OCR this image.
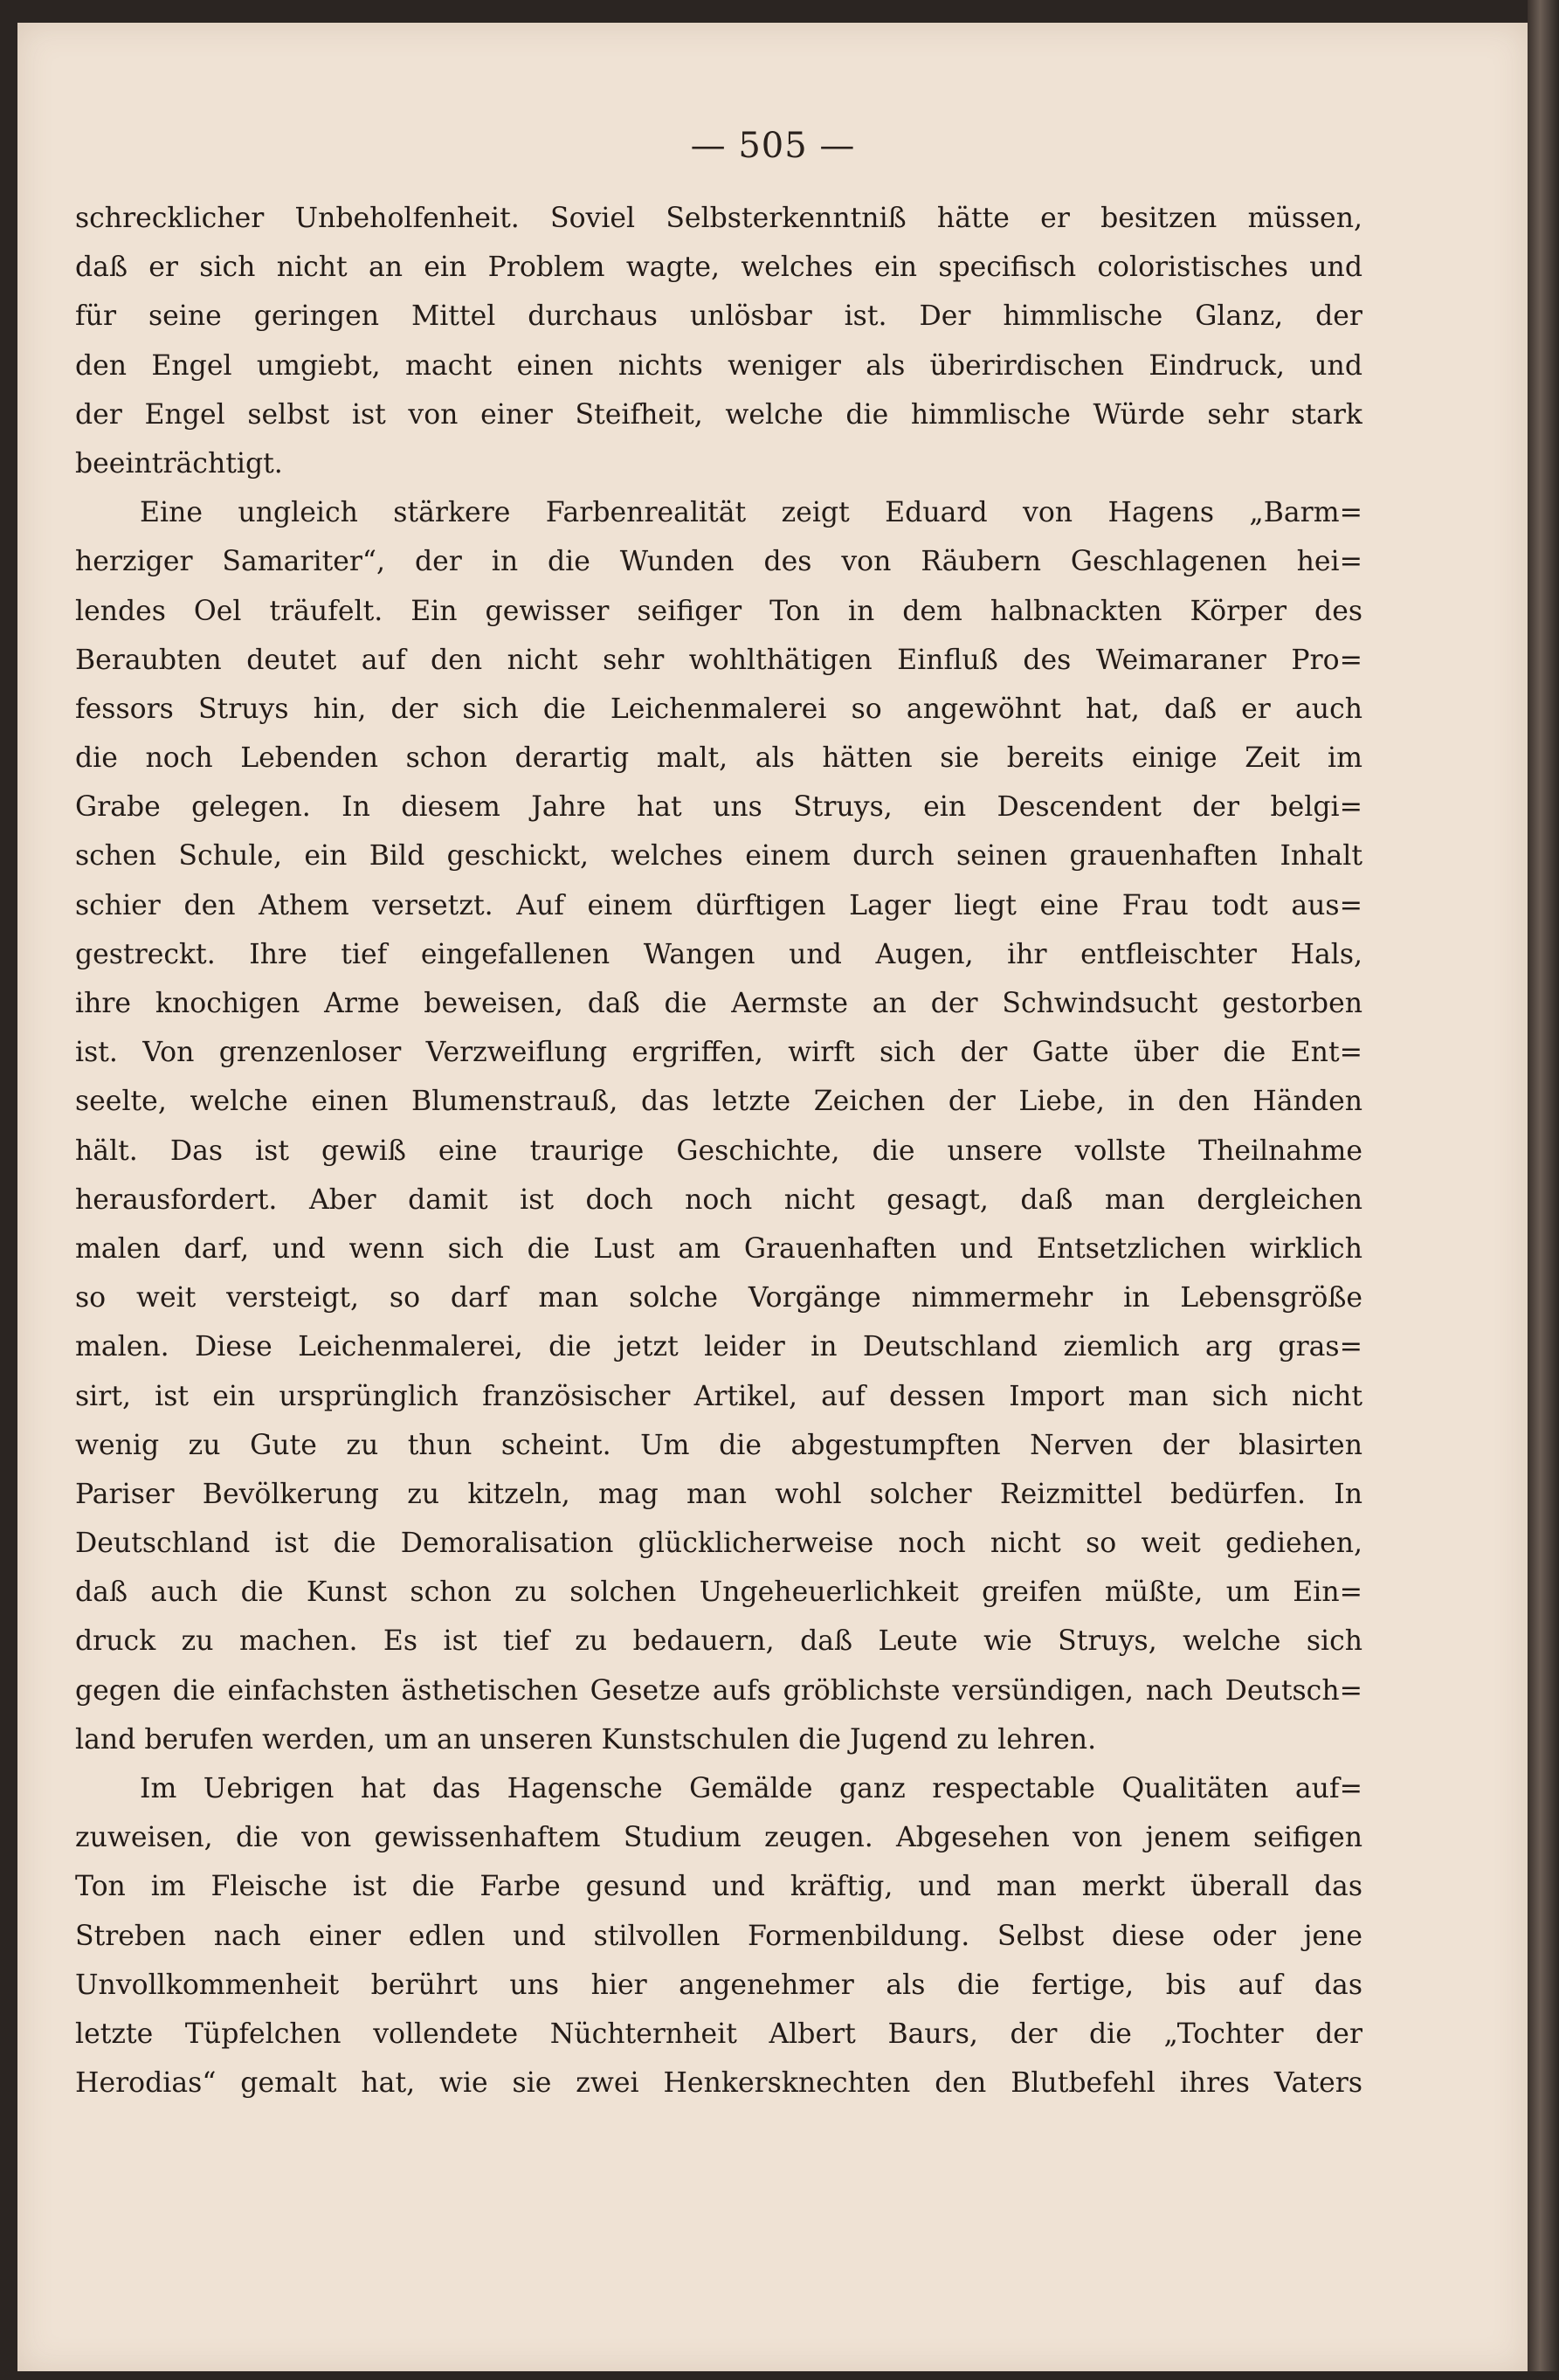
— 505 —
schrecklicher Unbeholfenheit. Soviel Selbsterkenntniß hätte er besitzen müssen,
daß er sich nicht an ein Problem wagte, welches ein specifisch coloristisches und
für seine geringen Mittel durchaus unlösbar ist. Der himmlische Glanz, der
den Engel umgiebt, macht einen nichts weniger als überirdischen Eindruck, und
der Engel selbst ist von einer Steifheit, welche die himmlische Würde sehr stark
beeinträchtigt.
Eine ungleich stärkere Farbenrealität zeigt Eduard von Hagens „Barm=
herziger Samariter“, der in die Wunden des von Räubern Geschlagenen hei=
lendes Oel träufelt. Ein gewisser seifiger Ton in dem halbnackten Körper des
Beraubten deutet auf den nicht sehr wohlthätigen Einfluß des Weimaraner Pro=
fessors Struys hin, der sich die Leichenmalerei so angewöhnt hat, daß er auch
die noch Lebenden schon derartig malt, als hätten sie bereits einige Zeit im
Grabe gelegen. In diesem Jahre hat uns Struys, ein Descendent der belgi=
schen Schule, ein Bild geschickt, welches einem durch seinen grauenhaften Inhalt
schier den Athem versetzt. Auf einem dürftigen Lager liegt eine Frau todt aus=
gestreckt. Ihre tief eingefallenen Wangen und Augen, ihr entfleischter Hals,
ihre knochigen Arme beweisen, daß die Aermste an der Schwindsucht gestorben
ist. Von grenzenloser Verzweiflung ergriffen, wirft sich der Gatte über die Ent=
seelte, welche einen Blumenstrauß, das letzte Zeichen der Liebe, in den Händen
hält. Das ist gewiß eine traurige Geschichte, die unsere vollste Theilnahme
herausfordert. Aber damit ist doch noch nicht gesagt, daß man dergleichen
malen darf, und wenn sich die Lust am Grauenhaften und Entsetzlichen wirklich
so weit versteigt, so darf man solche Vorgänge nimmermehr in Lebensgröße
malen. Diese Leichenmalerei, die jetzt leider in Deutschland ziemlich arg gras=
sirt, ist ein ursprünglich französischer Artikel, auf dessen Import man sich nicht
wenig zu Gute zu thun scheint. Um die abgestumpften Nerven der blasirten
Pariser Bevölkerung zu kitzeln, mag man wohl solcher Reizmittel bedürfen. In
Deutschland ist die Demoralisation glücklicherweise noch nicht so weit gediehen,
daß auch die Kunst schon zu solchen Ungeheuerlichkeit greifen müßte, um Ein=
druck zu machen. Es ist tief zu bedauern, daß Leute wie Struys, welche sich
gegen die einfachsten ästhetischen Gesetze aufs gröblichste versündigen, nach Deutsch=
land berufen werden, um an unseren Kunstschulen die Jugend zu lehren.
Im Uebrigen hat das Hagensche Gemälde ganz respectable Qualitäten auf=
zuweisen, die von gewissenhaftem Studium zeugen. Abgesehen von jenem seifigen
Ton im Fleische ist die Farbe gesund und kräftig, und man merkt überall das
Streben nach einer edlen und stilvollen Formenbildung. Selbst diese oder jene
Unvollkommenheit berührt uns hier angenehmer als die fertige, bis auf das
letzte Tüpfelchen vollendete Nüchternheit Albert Baurs, der die „Tochter der
Herodias“ gemalt hat, wie sie zwei Henkersknechten den Blutbefehl ihres Vaters
